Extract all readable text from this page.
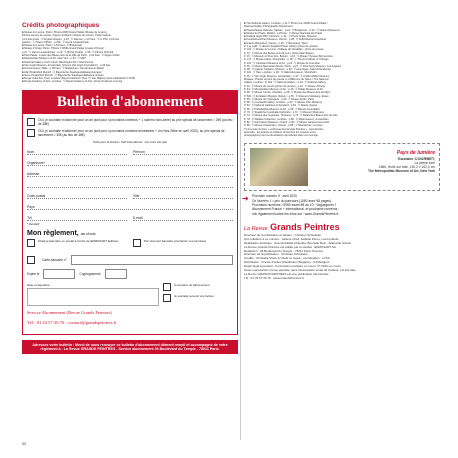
Crédits photographiques

■ Musée du Louvre, Paris / Photos RMN Grand Palais (Musée du Louvre).

Photos service de presse / Figure d'Athéné / Musée du Louvre, Petite Galerie.

p.13 bas droite : © Angèle Dequier ; p.15 : © Ravinal ; p.16 haut : © A. Phil. p.16 bas

gauche : © Thierry Ollivier ; p.20b : © Hervé Lewandowski

■ Musée du Louvre, Paris / p.52 haut : © Bridgeman

■ Musée d'Orsay, Paris / Photos © RMN-Grand Palais (musée d'Orsay) :

p.27 : © Hervé Lewandowski ; p.29 : © Michel Urtado ; p.35 : © Patrice Schmidt

■ Petit Palais, musée des Beaux-arts de la Ville de Paris : p.32 haut : © Roger-Viollet

■ Metropolitan Museum of Art, New York : p.33 : © MET

■ National Gallery of Art / NGA, Washington DC / NGA Picture

■ Van Gogh Museum, Amsterdam (Vincent Van Gogh Foundation) : p.36 bas

■ Kunstmuseum, Bâle : p.38 haut : © Bridgeman / Kunstmuseum Basel

■ Alte Pinakothek Munich : © Bayerische Staatsgemäldesammlungen

■ Neue Pinakothek Munich : © Bayerische Staatsgemäldesammlungen

■ Royal Collection Trust, Londres (Royal Collection Trust / © Her Majesty Queen Elizabeth II 2019)

■ Royal Academy of Arts, Londres : © Royal Academy of Arts / photo Prudence Cuming

Bulletin d'abonnement
OUI, je souhaite m'abonner pour un an (soit pour 4 prochains numéros + 1 numéro hors-série) au prix spécial de lancement = 25€ (au lieu de 38€)
OUI, je souhaite m'abonner pour un an (soit pour 4 prochains numéros trimestriels + Un Hors-Série en avril 2020), au prix spécial de lancement = 30€ (au lieu de 46€)
Tarifs pour la France / Tarif international : voir notre site web
Nom	Prénom
Organisme*
Adresse
Code postal	Ville
Pays
Tél	E-mail
* Facultatif
Mon règlement, au choix
Chèque bancaire ou postal à l'ordre de EDMUSART Editions	Par virement bancaire (contacter nos services)
Carte bancaire n°
Expire le	Cryptogramme
Date et signature	À réception de l'abonnement
Je souhaite recevoir une facture

Service Abonnement (Revue Grands Peintres)

Tél : 01 43 57 30 76 · contact@grandspeintres.fr

Adressez votre bulletin : Merci de nous renvoyer ce bulletin d'abonnement dûment rempli et accompagné de votre règlement à : La Revue GRANDS PEINTRES - Service abonnement 26 Boulevard du Temple - 75011 Paris.

■ The National Gallery, Londres : p.11 © Photo Cie / RMN Grand Palais /

National Gallery Photographic Department

■ Pinacothèque Vaticane, Vatican : p.22 : © Bridgeman ; p.34 : © Vatican Museums

■ Musée du Prado, Madrid : p.26 bas : © Museo Nacional del Prado

■ Galleria degli Uffizi, Florence : p.31 : © Photo Scala, Florence

■ Kunsthistorisches Museum, Vienne : p.28 : © KHM-Museumsverband

■ Galerie Belvedere, Vienne : p.40 : © Belvedere, Wien

P. 1 et p.28 : © Historic England Photo Library (photo de presse)

P. 10b : © Musée du Louvre, Château de Versailles ; photo de presse

P. 13 : © Musée des Beaux-Arts de Lyon, photo Alain Basset

P. 15 : © Museum of Fine Arts, Boston ; p.16 : © Museo Thyssen-Bornemisza

P. 17b : © Musée Fabre, Montpellier ; p.18 : © The Art Institute of Chicago

P. 21b : © Cleveland Museum of Art ; p.22 : © Musée de Grenoble

P. 26 : © Musée Marmottan Monet, Paris ; p.27 : © Paul Getty Museum, Los Angeles

P. 28 : © Galerie Tretiakov, Moscou ; p.30 : © Hermitage, Saint-Pétersbourg

P. 31b : © Tate, Londres ; p.32 : © Nationalmuseum, Stockholm

P. 36 : © Van Gogh Museum, Amsterdam ; p.37 : © Kröller-Müller Museum

Musées / Photos service de presse / Le Bâtiment de Tekne / The National

Gallery, Londres : P. 32a : © National Gallery ; p.44 : © National Gallery

P. 40 : © Musée du Louvre (photo de presse) ; p.42 : © Musée d'Orsay

P. 44 : © Metropolitan Museum of Art ; p.46 : © Dallas Museum of Art

P. 48 : © Musée Condé, Chantilly ; p.49 : © Musée des Beaux-Arts de Dijon

P. 52b : © Fondation Beyeler, Riehen ; p.53 : © Museum Folkwang, Essen

P. 55 : © Musée de l'Orangerie ; p.56 : © Musée Rodin, Paris

P. 58 : © Courtauld Gallery, Londres ; p.60 : © Musée d'Art Moderne

P. 62 : © National Galleries of Scotland ; p.63 : © Musée Granet

P. 66 : © Philadelphia Museum of Art ; p.68 : © Barnes Foundation

P. 70 : © Staatliche Kunsthalle Karlsruhe ; p.72 : © Museum Boijmans

P. 74 : © Musée des Augustins, Toulouse ; p.76 : © Palais des Beaux-Arts de Lille

P. 78 : © Wallace Collection, Londres ; p.80 : © Rijksmuseum, Amsterdam

P. 82 : © Ashmolean Museum, Oxford ; p.84 : © Musée Jacquemart-André

P. 86 : © Musée Unterlinden, Colmar ; p.88 : © Mauritshuis, La Haye

(*) A la suite du livre « La Revue des Grands Peintres », reproduction

autorisée ; les auteurs et l'éditeur remercient les musées et les

photographes pour les illustrations reproduites dans cet ouvrage.

Pays de lumière
Gustave COURBET,
La pleine lune
1866, Huile sur toile, 130,2 x 162,2 cm
The Metropolitan Museum of Art, New York
➜ Prochain numéro 9 : avril 2020
Ce Numéro 1 • prix du parcours (1080 avec 98 pages)
Prochains numéros • 9080 avant 8€ au 10 : Vaguegener l'
Abonnement France + International, et prochains numéros :
voir également toutes les infos sur : www.GrandsPeintres.fr
La Revue Grands Peintres

Directeur de la publication et éditeur : Christian Schinkeler

Ont collaboré à ce numéro : Hélène Chell, Isabelle Perou, Léa Fondeim

Réalisation artistique : Ana Chanfalla Chamiña, Bonnelle Bolo - Aliénarde Simion

La Revue Grands Peintres est éditée par la société : EDMUSART SA

Rédaction : 26 Boulevard du Temple - 75011 Paris (France)

Directeur de la publication : Christian Schinkeler

Crédits : Christelle Vireis & Chelk Le Geeb - coordination : LUCK

Distribution : France Pouliot (Distribution Bulgarie) - ILS Belgium

Dépôt légal à parution. Commission paritaire en cours, N° ISSN en cours

Toute reproduction même partielle, sans l'autorisation écrite de l'éditeur, est interdite.

La Revue GRANDS PEINTRES est une publication trimestrielle.

Tél : 01 43 57 30 76 · www.GrandsPeintres.fr

50
